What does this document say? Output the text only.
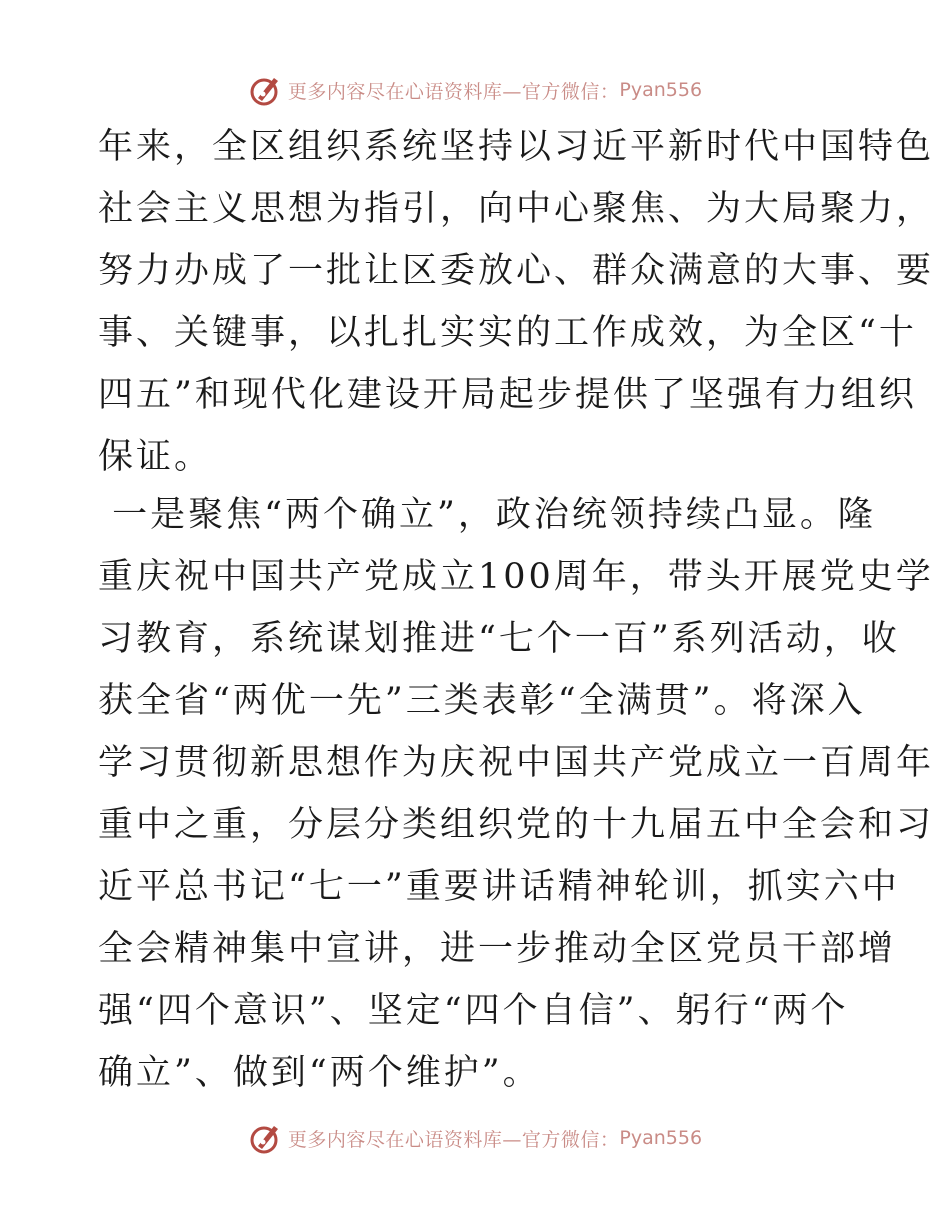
更多内容尽在心语资料库—官方微信： Pyan556
年来，全区组织系统坚持以习近平新时代中国特色
社会主义思想为指引，向中心聚焦、为大局聚力，
努力办成了一批让区委放心、群众满意的大事、要
事、关键事，以扎扎实实的工作成效，为全区“十
四五”和现代化建设开局起步提供了坚强有力组织
保证。
一是聚焦“两个确立”，政治统领持续凸显。隆
重庆祝中国共产党成立100周年，带头开展党史学
习教育，系统谋划推进“七个一百”系列活动，收
获全省“两优一先”三类表彰“全满贯”。将深入
学习贯彻新思想作为庆祝中国共产党成立一百周年
重中之重，分层分类组织党的十九届五中全会和习
近平总书记“七一”重要讲话精神轮训，抓实六中
全会精神集中宣讲，进一步推动全区党员干部增
强“四个意识”、坚定“四个自信”、躬行“两个
确立”、做到“两个维护”。
更多内容尽在心语资料库—官方微信： Pyan556
